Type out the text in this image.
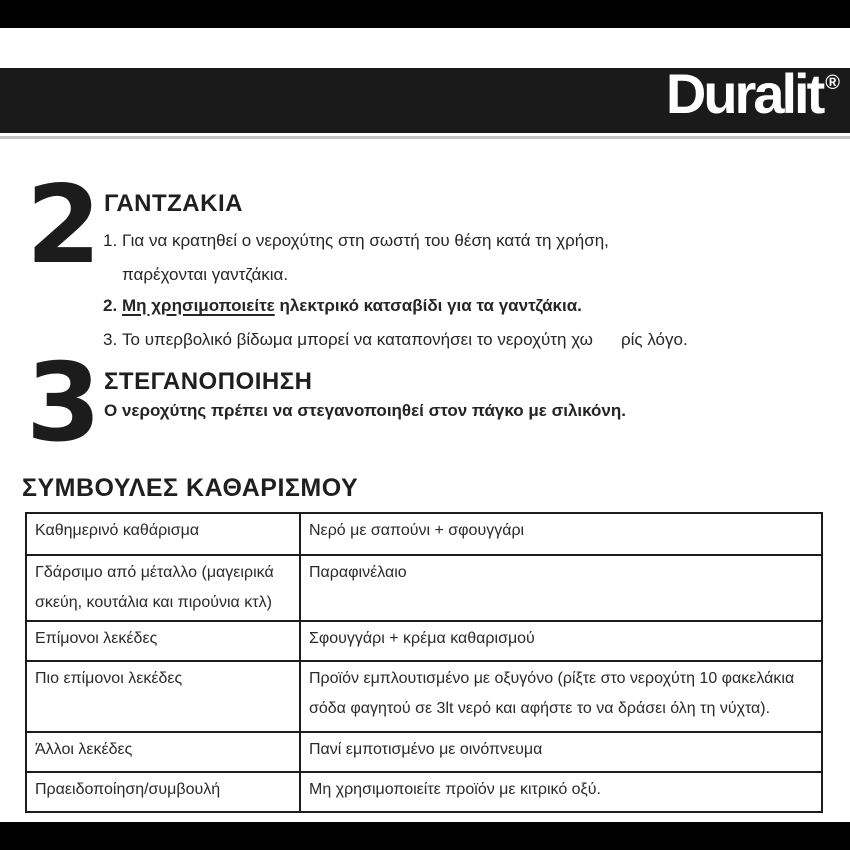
Duralit ®
2 ΓΑΝΤΖΑΚΙΑ
1. Για να κρατηθεί ο νεροχύτης στη σωστή του θέση κατά τη χρήση,
παρέχονται γαντζάκια.
2. Μη χρησιμοποιείτε ηλεκτρικό κατσαβίδι για τα γαντζάκια.
3. Το υπερβολικό βίδωμα μπορεί να καταπονήσει το νεροχύτη χω ρίς λόγο.
3 ΣΤΕΓΑΝΟΠΟΙΗΣΗ
Ο νεροχύτης πρέπει να στεγανοποιηθεί στον πάγκο με σιλικόνη.
ΣΥΜΒΟΥΛΕΣ ΚΑΘΑΡΙΣΜΟΥ
Καθημερινό καθάρισμα	Νερό με σαπούνι + σφουγγάρι

Γδάρσιμο από μέταλλο (μαγειρικά
σκεύη, κουτάλια και πιρούνια κτλ)	Παραφινέλαιο

Επίμονοι λεκέδες	Σφουγγάρι + κρέμα καθαρισμού

Πιο επίμονοι λεκέδες	Προϊόν εμπλουτισμένο με οξυγόνο (ρίξτε στο νεροχύτη 10 φακελάκια
σόδα φαγητού σε 3lt νερό και αφήστε το να δράσει όλη τη νύχτα).

Άλλοι λεκέδες	Πανί εμποτισμένο με οινόπνευμα

Πραειδοποίηση/συμβουλή	Μη χρησιμοποιείτε προϊόν με κιτρικό οξύ.
